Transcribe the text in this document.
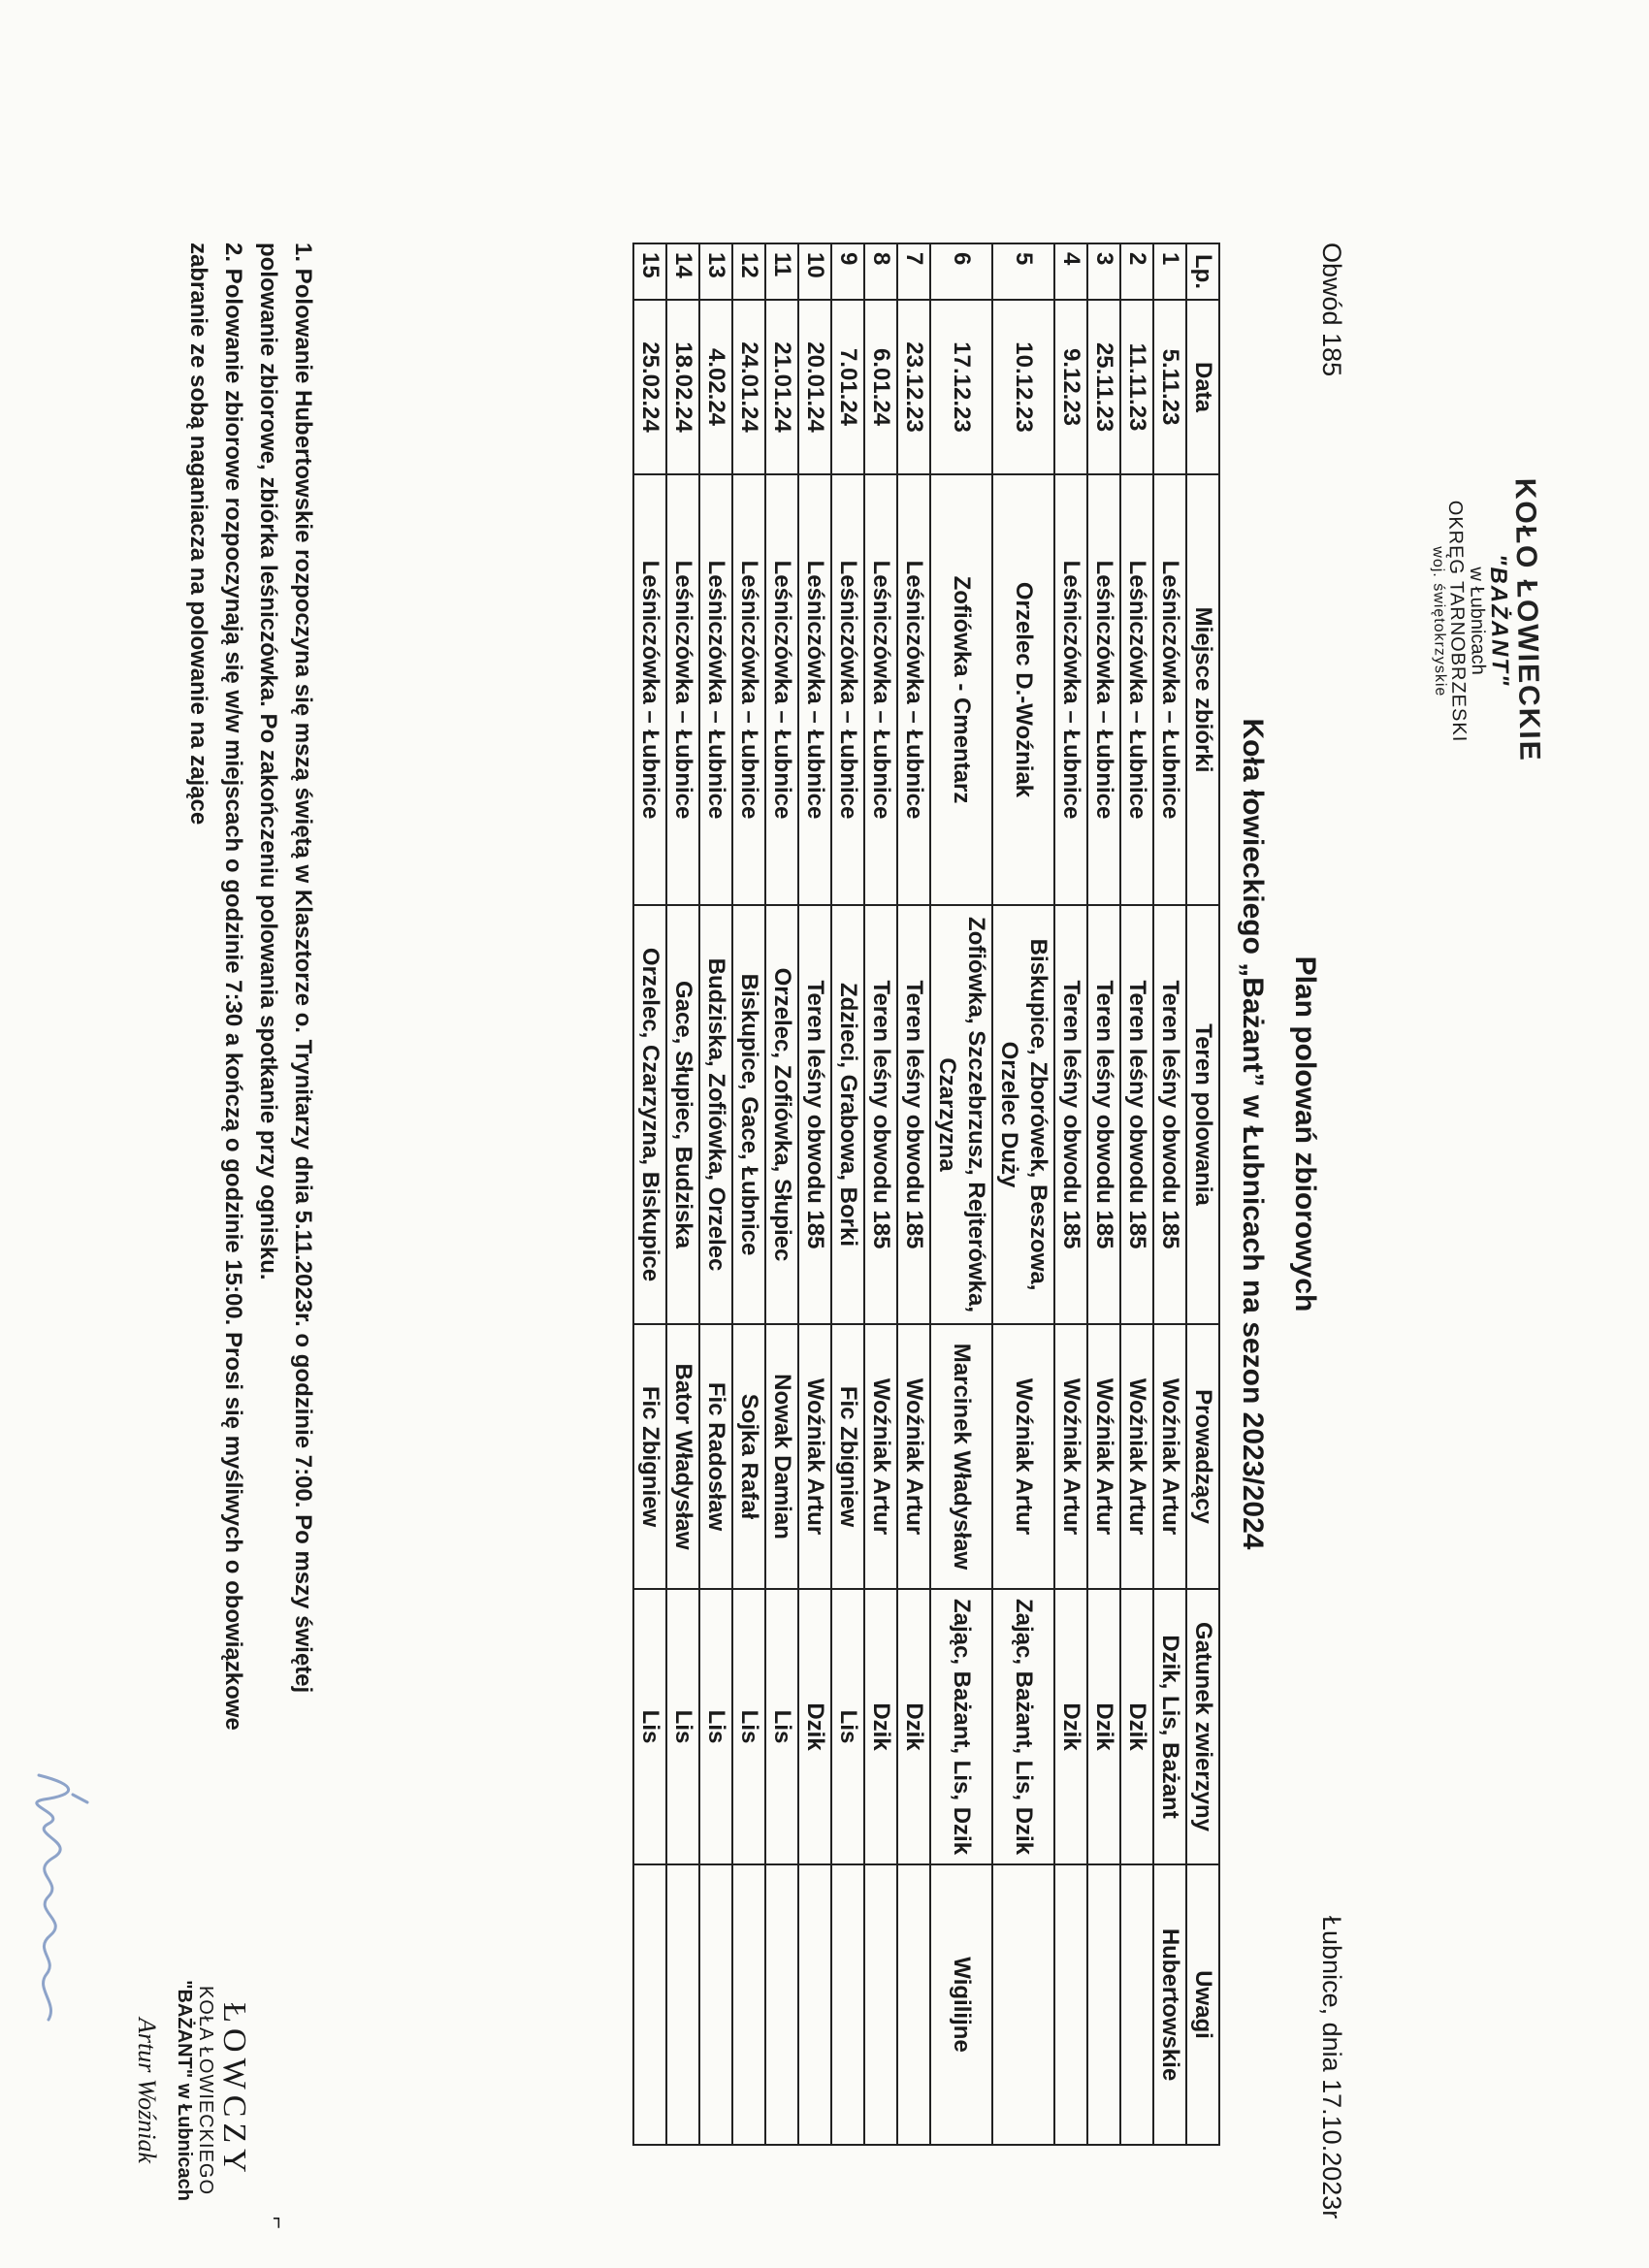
Obwód 185
Łubnice, dnia 17.10.2023r
KOŁO ŁOWIECKIE
"BAŻANT"
w Łubnicach
OKRĘG TARNOBRZESKI
woj. świętokrzyskie
Plan polowań zbiorowych
Koła łowieckiego „Bażant” w Łubnicach na sezon 2023/2024
Lp.	Data	Miejsce zbiórki	Teren polowania	Prowadzący	Gatunek zwierzyny	Uwagi
1	5.11.23	Leśniczówka – Łubnice	Teren leśny obwodu 185	Woźniak Artur	Dzik, Lis, Bażant	Hubertowskie
2	11.11.23	Leśniczówka – Łubnice	Teren leśny obwodu 185	Woźniak Artur	Dzik	
3	25.11.23	Leśniczówka – Łubnice	Teren leśny obwodu 185	Woźniak Artur	Dzik	
4	9.12.23	Leśniczówka – Łubnice	Teren leśny obwodu 185	Woźniak Artur	Dzik	
5	10.12.23	Orzelec D.-Woźniak	Biskupice, Zborówek, Beszowa, Orzelec Duży	Woźniak Artur	Zając, Bażant, Lis, Dzik	
6	17.12.23	Zofiówka - Cmentarz	Zofiówka, Szczebrzusz, Rejterówka, Czarzyzna	Marcinek Władysław	Zając, Bażant, Lis, Dzik	Wigilijne
7	23.12.23	Leśniczówka – Łubnice	Teren leśny obwodu 185	Woźniak Artur	Dzik	
8	6.01.24	Leśniczówka – Łubnice	Teren leśny obwodu 185	Woźniak Artur	Dzik	
9	7.01.24	Leśniczówka – Łubnice	Zdzieci, Grabowa, Borki	Fic Zbigniew	Lis	
10	20.01.24	Leśniczówka – Łubnice	Teren leśny obwodu 185	Woźniak Artur	Dzik	
11	21.01.24	Leśniczówka – Łubnice	Orzelec, Zofiówka, Słupiec	Nowak Damian	Lis	
12	24.01.24	Leśniczówka – Łubnice	Biskupice, Gace, Łubnice	Sojka Rafał	Lis	
13	4.02.24	Leśniczówka – Łubnice	Budziska, Zofiówka, Orzelec	Fic Radosław	Lis	
14	18.02.24	Leśniczówka – Łubnice	Gace, Słupiec, Budziska	Bator Władysław	Lis	
15	25.02.24	Leśniczówka – Łubnice	Orzelec, Czarzyzna, Biskupice	Fic Zbigniew	Lis	

1. Polowanie Hubertowskie rozpoczyna się mszą świętą w Klasztorze o. Trynitarzy dnia 5.11.2023r. o godzinie 7:00. Po mszy świętej

polowanie zbiorowe, zbiórka leśniczówka. Po zakończeniu polowania spotkanie przy ognisku.

2. Polowanie zbiorowe rozpoczynają się w/w miejscach o godzinie 7:30 a kończą o godzinie 15:00. Prosi się myśliwych o obowiązkowe

zabranie ze sobą naganiacza na polowanie na zające

⌐
ŁOWCZY
KOŁA ŁOWIECKIEGO
"BAŻANT" w Łubnicach
Artur Woźniak
